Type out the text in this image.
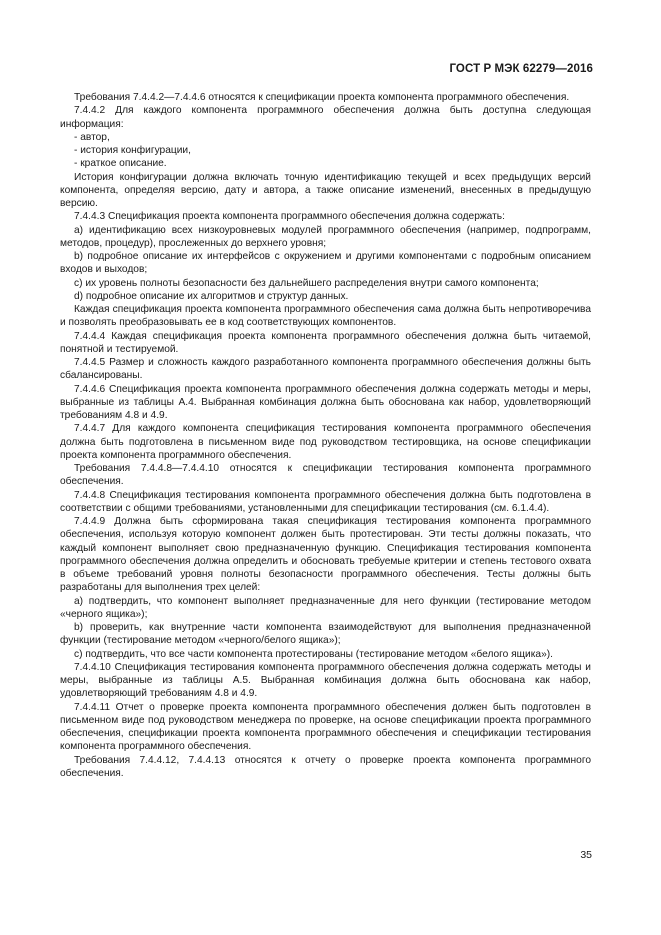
ГОСТ Р МЭК 62279—2016

Требования 7.4.4.2—7.4.4.6 относятся к спецификации проекта компонента программного обеспечения.

7.4.4.2 Для каждого компонента программного обеспечения должна быть доступна следующая информация:

- автор,

- история конфигурации,

- краткое описание.

История конфигурации должна включать точную идентификацию текущей и всех предыдущих версий компонента, определяя версию, дату и автора, а также описание изменений, внесенных в предыдущую версию.

7.4.4.3 Спецификация проекта компонента программного обеспечения должна содержать:

a) идентификацию всех низкоуровневых модулей программного обеспечения (например, подпрограмм, методов, процедур), прослеженных до верхнего уровня;

b) подробное описание их интерфейсов с окружением и другими компонентами с подробным описанием входов и выходов;

c) их уровень полноты безопасности без дальнейшего распределения внутри самого компонента;

d) подробное описание их алгоритмов и структур данных.

Каждая спецификация проекта компонента программного обеспечения сама должна быть непротиворечива и позволять преобразовывать ее в код соответствующих компонентов.

7.4.4.4 Каждая спецификация проекта компонента программного обеспечения должна быть читаемой, понятной и тестируемой.

7.4.4.5 Размер и сложность каждого разработанного компонента программного обеспечения должны быть сбалансированы.

7.4.4.6 Спецификация проекта компонента программного обеспечения должна содержать методы и меры, выбранные из таблицы А.4. Выбранная комбинация должна быть обоснована как набор, удовлетворяющий требованиям 4.8 и 4.9.

7.4.4.7 Для каждого компонента спецификация тестирования компонента программного обеспечения должна быть подготовлена в письменном виде под руководством тестировщика, на основе спецификации проекта компонента программного обеспечения.

Требования 7.4.4.8—7.4.4.10 относятся к спецификации тестирования компонента программного обеспечения.

7.4.4.8 Спецификация тестирования компонента программного обеспечения должна быть подготовлена в соответствии с общими требованиями, установленными для спецификации тестирования (см. 6.1.4.4).

7.4.4.9 Должна быть сформирована такая спецификация тестирования компонента программного обеспечения, используя которую компонент должен быть протестирован. Эти тесты должны показать, что каждый компонент выполняет свою предназначенную функцию. Спецификация тестирования компонента программного обеспечения должна определить и обосновать требуемые критерии и степень тестового охвата в объеме требований уровня полноты безопасности программного обеспечения. Тесты должны быть разработаны для выполнения трех целей:

a) подтвердить, что компонент выполняет предназначенные для него функции (тестирование методом «черного ящика»);

b) проверить, как внутренние части компонента взаимодействуют для выполнения предназначенной функции (тестирование методом «черного/белого ящика»);

c) подтвердить, что все части компонента протестированы (тестирование методом «белого ящика»).

7.4.4.10 Спецификация тестирования компонента программного обеспечения должна содержать методы и меры, выбранные из таблицы А.5. Выбранная комбинация должна быть обоснована как набор, удовлетворяющий требованиям 4.8 и 4.9.

7.4.4.11 Отчет о проверке проекта компонента программного обеспечения должен быть подготовлен в письменном виде под руководством менеджера по проверке, на основе спецификации проекта программного обеспечения, спецификации проекта компонента программного обеспечения и спецификации тестирования компонента программного обеспечения.

Требования 7.4.4.12, 7.4.4.13 относятся к отчету о проверке проекта компонента программного обеспечения.

35
